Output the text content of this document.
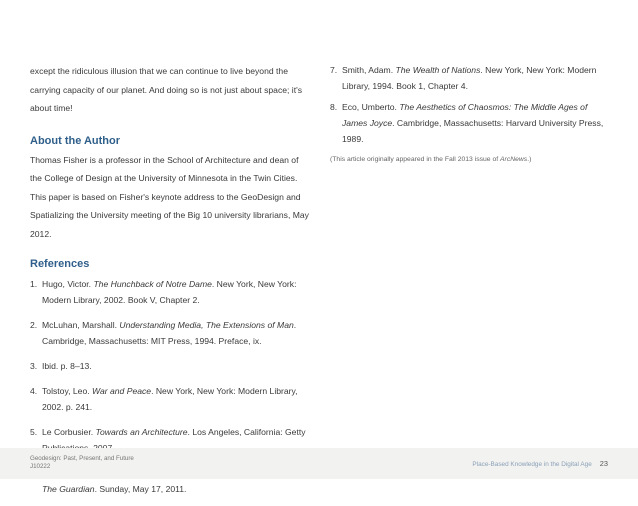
except the ridiculous illusion that we can continue to live beyond the carrying capacity of our planet. And doing so is not just about space; it's about time!

About the Author

Thomas Fisher is a professor in the School of Architecture and dean of the College of Design at the University of Minnesota in the Twin Cities. This paper is based on Fisher's keynote address to the GeoDesign and Spatializing the University meeting of the Big 10 university librarians, May 2012.

References
1. Hugo, Victor. The Hunchback of Notre Dame. New York, New York: Modern Library, 2002. Book V, Chapter 2.
2. McLuhan, Marshall. Understanding Media, The Extensions of Man. Cambridge, Massachusetts: MIT Press, 1994. Preface, ix.
3. Ibid. p. 8–13.
4. Tolstoy, Leo. War and Peace. New York, New York: Modern Library, 2002. p. 241.
5. Le Corbusier. Towards an Architecture. Los Angeles, California: Getty
The Guardian. Sunday, May 17, 2011.
7. Smith, Adam. The Wealth of Nations. New York, New York: Modern Library, 1994. Book 1, Chapter 4.
8. Eco, Umberto. The Aesthetics of Chaosmos: The Middle Ages of James Joyce. Cambridge, Massachusetts: Harvard University Press, 1989.
(This article originally appeared in the Fall 2013 issue of ArcNews.)
Geodesign: Past, Present, and Future
J10222	Place-Based Knowledge in the Digital Age 23
